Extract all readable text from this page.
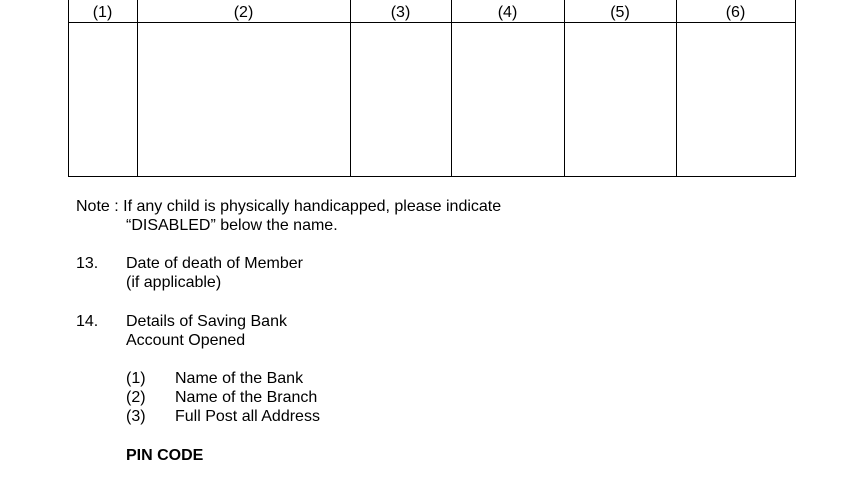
(1)	(2)	(3)	(4)	(5)	(6)
Note : If any child is physically handicapped, please indicate
“DISABLED” below the name.
13. Date of death of Member
(if applicable)
14. Details of Saving Bank
Account Opened
(1) Name of the Bank
(2) Name of the Branch
(3) Full Post all Address
PIN CODE
